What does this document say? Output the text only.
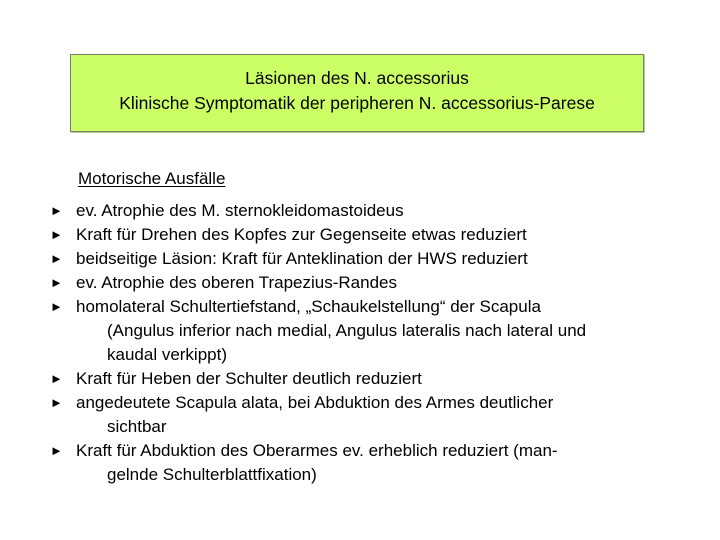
Läsionen des N. accessorius
Klinische Symptomatik der peripheren N. accessorius-Parese
Motorische Ausfälle
► ev. Atrophie des M. sternokleidomastoideus
► Kraft für Drehen des Kopfes zur Gegenseite etwas reduziert
► beidseitige Läsion: Kraft für Anteklination der HWS reduziert
► ev. Atrophie des oberen Trapezius-Randes
► homolateral Schultertiefstand, „Schaukelstellung“ der Scapula
(Angulus inferior nach medial, Angulus lateralis nach lateral und
kaudal verkippt)
► Kraft für Heben der Schulter deutlich reduziert
► angedeutete Scapula alata, bei Abduktion des Armes deutlicher
sichtbar
► Kraft für Abduktion des Oberarmes ev. erheblich reduziert (man-
gelnde Schulterblattfixation)
